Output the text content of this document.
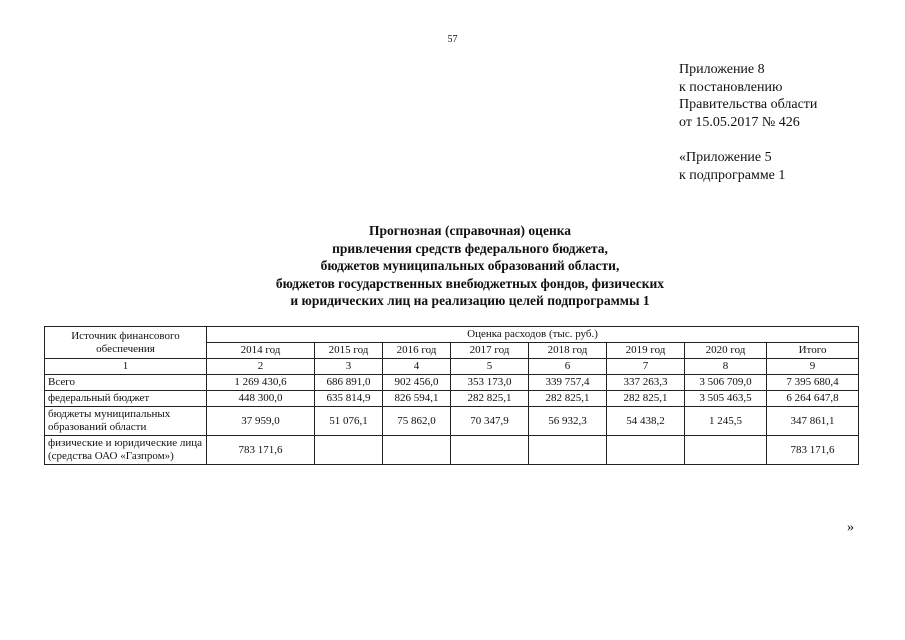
57
Приложение 8
к постановлению
Правительства области
от 15.05.2017 № 426
«Приложение 5
к подпрограмме 1
Прогнозная (справочная) оценка
привлечения средств федерального бюджета,
бюджетов муниципальных образований области,
бюджетов государственных внебюджетных фондов, физических
и юридических лиц на реализацию целей подпрограммы 1
Источник финансового обеспечения	Оценка расходов (тыс. руб.)							
	2014 год	2015 год	2016 год	2017 год	2018 год	2019 год	2020 год	Итого
1	2	3	4	5	6	7	8	9
Всего	1 269 430,6	686 891,0	902 456,0	353 173,0	339 757,4	337 263,3	3 506 709,0	7 395 680,4
федеральный бюджет	448 300,0	635 814,9	826 594,1	282 825,1	282 825,1	282 825,1	3 505 463,5	6 264 647,8
бюджеты муниципальных образований области	37 959,0	51 076,1	75 862,0	70 347,9	56 932,3	54 438,2	1 245,5	347 861,1
физические и юридические лица (средства ОАО «Газпром»)	783 171,6							783 171,6
»
